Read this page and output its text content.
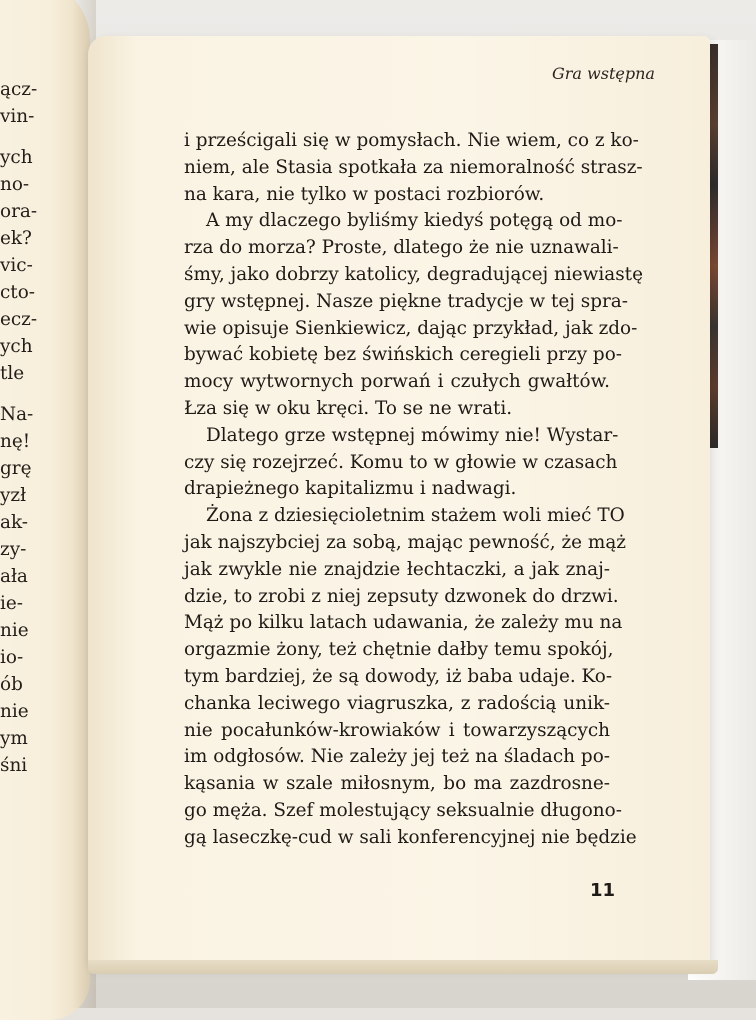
ącz-
vin-
ych
no-
ora-
ek?
vic-
cto-
ecz-
ych
tle
Na-
nę!
grę
yzł
ak-
zy-
ała
ie-
nie
io-
ób
nie
ym
śni
Gra wstępna
i prześcigali się w pomysłach. Nie wiem, co z ko-
niem, ale Stasia spotkała za niemoralność strasz-
na kara, nie tylko w postaci rozbiorów.
A my dlaczego byliśmy kiedyś potęgą od mo-
rza do morza? Proste, dlatego że nie uznawali-
śmy, jako dobrzy katolicy, degradującej niewiastę
gry wstępnej. Nasze piękne tradycje w tej spra-
wie opisuje Sienkiewicz, dając przykład, jak zdo-
bywać kobietę bez świńskich ceregieli przy po-
mocy wytwornych porwań i czułych gwałtów.
Łza się w oku kręci. To se ne wrati.
Dlatego grze wstępnej mówimy nie! Wystar-
czy się rozejrzeć. Komu to w głowie w czasach
drapieżnego kapitalizmu i nadwagi.
Żona z dziesięcioletnim stażem woli mieć TO
jak najszybciej za sobą, mając pewność, że mąż
jak zwykle nie znajdzie łechtaczki, a jak znaj-
dzie, to zrobi z niej zepsuty dzwonek do drzwi.
Mąż po kilku latach udawania, że zależy mu na
orgazmie żony, też chętnie dałby temu spokój,
tym bardziej, że są dowody, iż baba udaje. Ko-
chanka leciwego viagruszka, z radością unik-
nie pocałunków-krowiaków i towarzyszących
im odgłosów. Nie zależy jej też na śladach po-
kąsania w szale miłosnym, bo ma zazdrosne-
go męża. Szef molestujący seksualnie długono-
gą laseczkę-cud w sali konferencyjnej nie będzie
11
